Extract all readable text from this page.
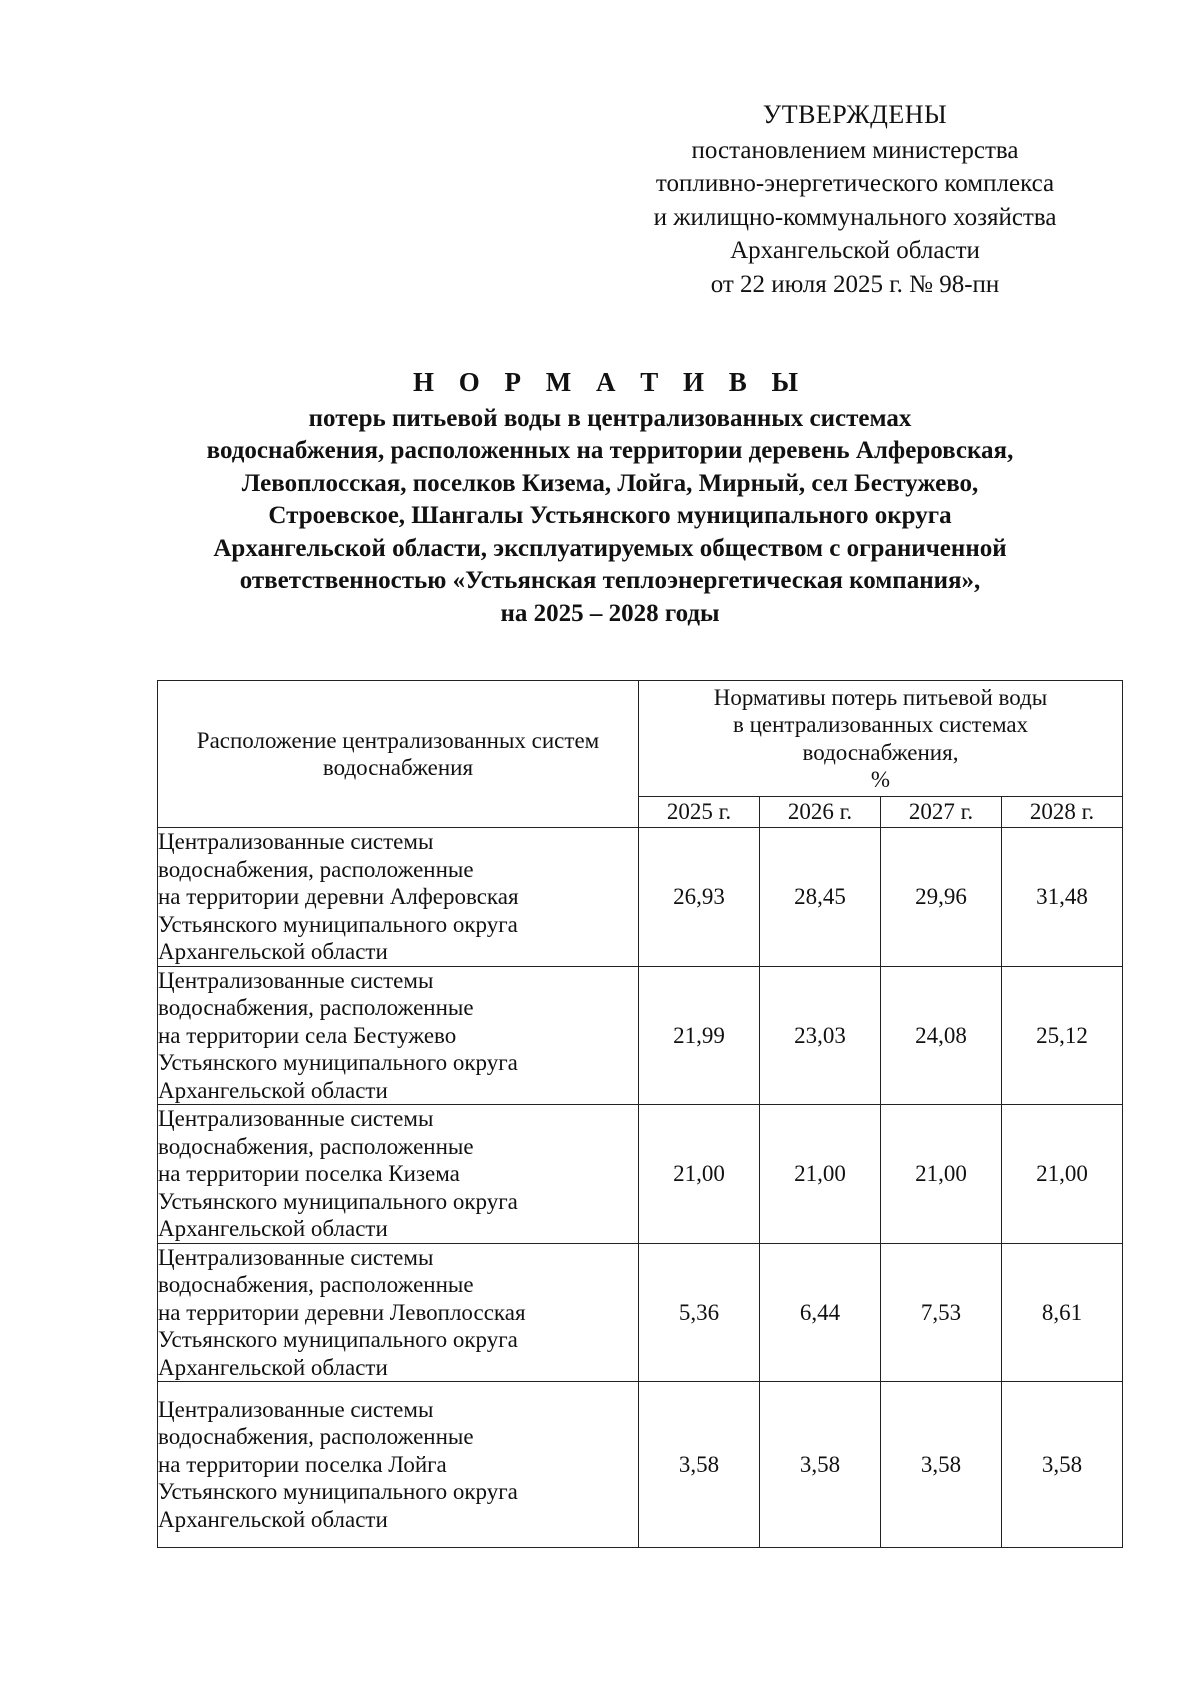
УТВЕРЖДЕНЫ
постановлением министерства
топливно-энергетического комплекса
и жилищно-коммунального хозяйства
Архангельской области
от 22 июля 2025 г. № 98-пн
Н О Р М А Т И В Ы
потерь питьевой воды в централизованных системах
водоснабжения, расположенных на территории деревень Алферовская,
Левоплосская, поселков Кизема, Лойга, Мирный, сел Бестужево,
Строевское, Шангалы Устьянского муниципального округа
Архангельской области, эксплуатируемых обществом с ограниченной
ответственностью «Устьянская теплоэнергетическая компания»,
на 2025 – 2028 годы
Расположение централизованных систем водоснабжения	Нормативы потерь питьевой воды
в централизованных системах
водоснабжения,
%			

	2025 г.	2026 г.	2027 г.	2028 г.

Централизованные системы
водоснабжения, расположенные
на территории деревни Алферовская
Устьянского муниципального округа
Архангельской области	26,93	28,45	29,96	31,48

Централизованные системы
водоснабжения, расположенные
на территории села Бестужево
Устьянского муниципального округа
Архангельской области	21,99	23,03	24,08	25,12

Централизованные системы
водоснабжения, расположенные
на территории поселка Кизема
Устьянского муниципального округа
Архангельской области	21,00	21,00	21,00	21,00

Централизованные системы
водоснабжения, расположенные
на территории деревни Левоплосская
Устьянского муниципального округа
Архангельской области	5,36	6,44	7,53	8,61

Централизованные системы
водоснабжения, расположенные
на территории поселка Лойга
Устьянского муниципального округа
Архангельской области	3,58	3,58	3,58	3,58
